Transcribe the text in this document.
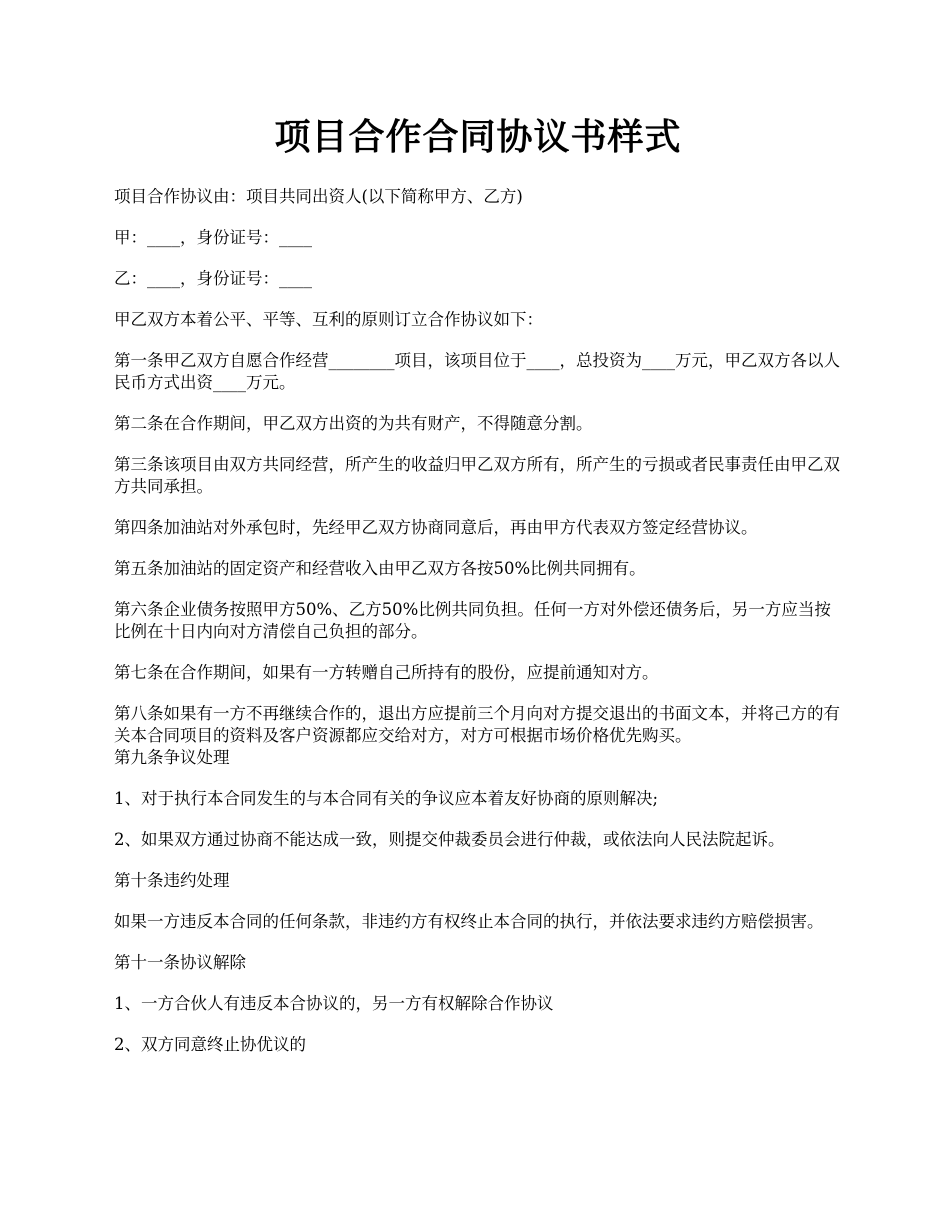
项目合作合同协议书样式

项目合作协议由：项目共同出资人(以下简称甲方、乙方)

甲：____，身份证号：____

乙：____，身份证号：____

甲乙双方本着公平、平等、互利的原则订立合作协议如下：

第一条甲乙双方自愿合作经营________项目，该项目位于____，总投资为____万元，甲乙双方各以人民币方式出资____万元。

第二条在合作期间，甲乙双方出资的为共有财产，不得随意分割。

第三条该项目由双方共同经营，所产生的收益归甲乙双方所有，所产生的亏损或者民事责任由甲乙双方共同承担。

第四条加油站对外承包时，先经甲乙双方协商同意后，再由甲方代表双方签定经营协议。

第五条加油站的固定资产和经营收入由甲乙双方各按50%比例共同拥有。

第六条企业债务按照甲方50%、乙方50%比例共同负担。任何一方对外偿还债务后，另一方应当按比例在十日内向对方清偿自己负担的部分。

第七条在合作期间，如果有一方转赠自己所持有的股份，应提前通知对方。

第八条如果有一方不再继续合作的，退出方应提前三个月向对方提交退出的书面文本，并将己方的有关本合同项目的资料及客户资源都应交给对方，对方可根据市场价格优先购买。

第九条争议处理

1、对于执行本合同发生的与本合同有关的争议应本着友好协商的原则解决;

2、如果双方通过协商不能达成一致，则提交仲裁委员会进行仲裁，或依法向人民法院起诉。

第十条违约处理

如果一方违反本合同的任何条款，非违约方有权终止本合同的执行，并依法要求违约方赔偿损害。

第十一条协议解除

1、一方合伙人有违反本合协议的，另一方有权解除合作协议

2、双方同意终止协优议的
